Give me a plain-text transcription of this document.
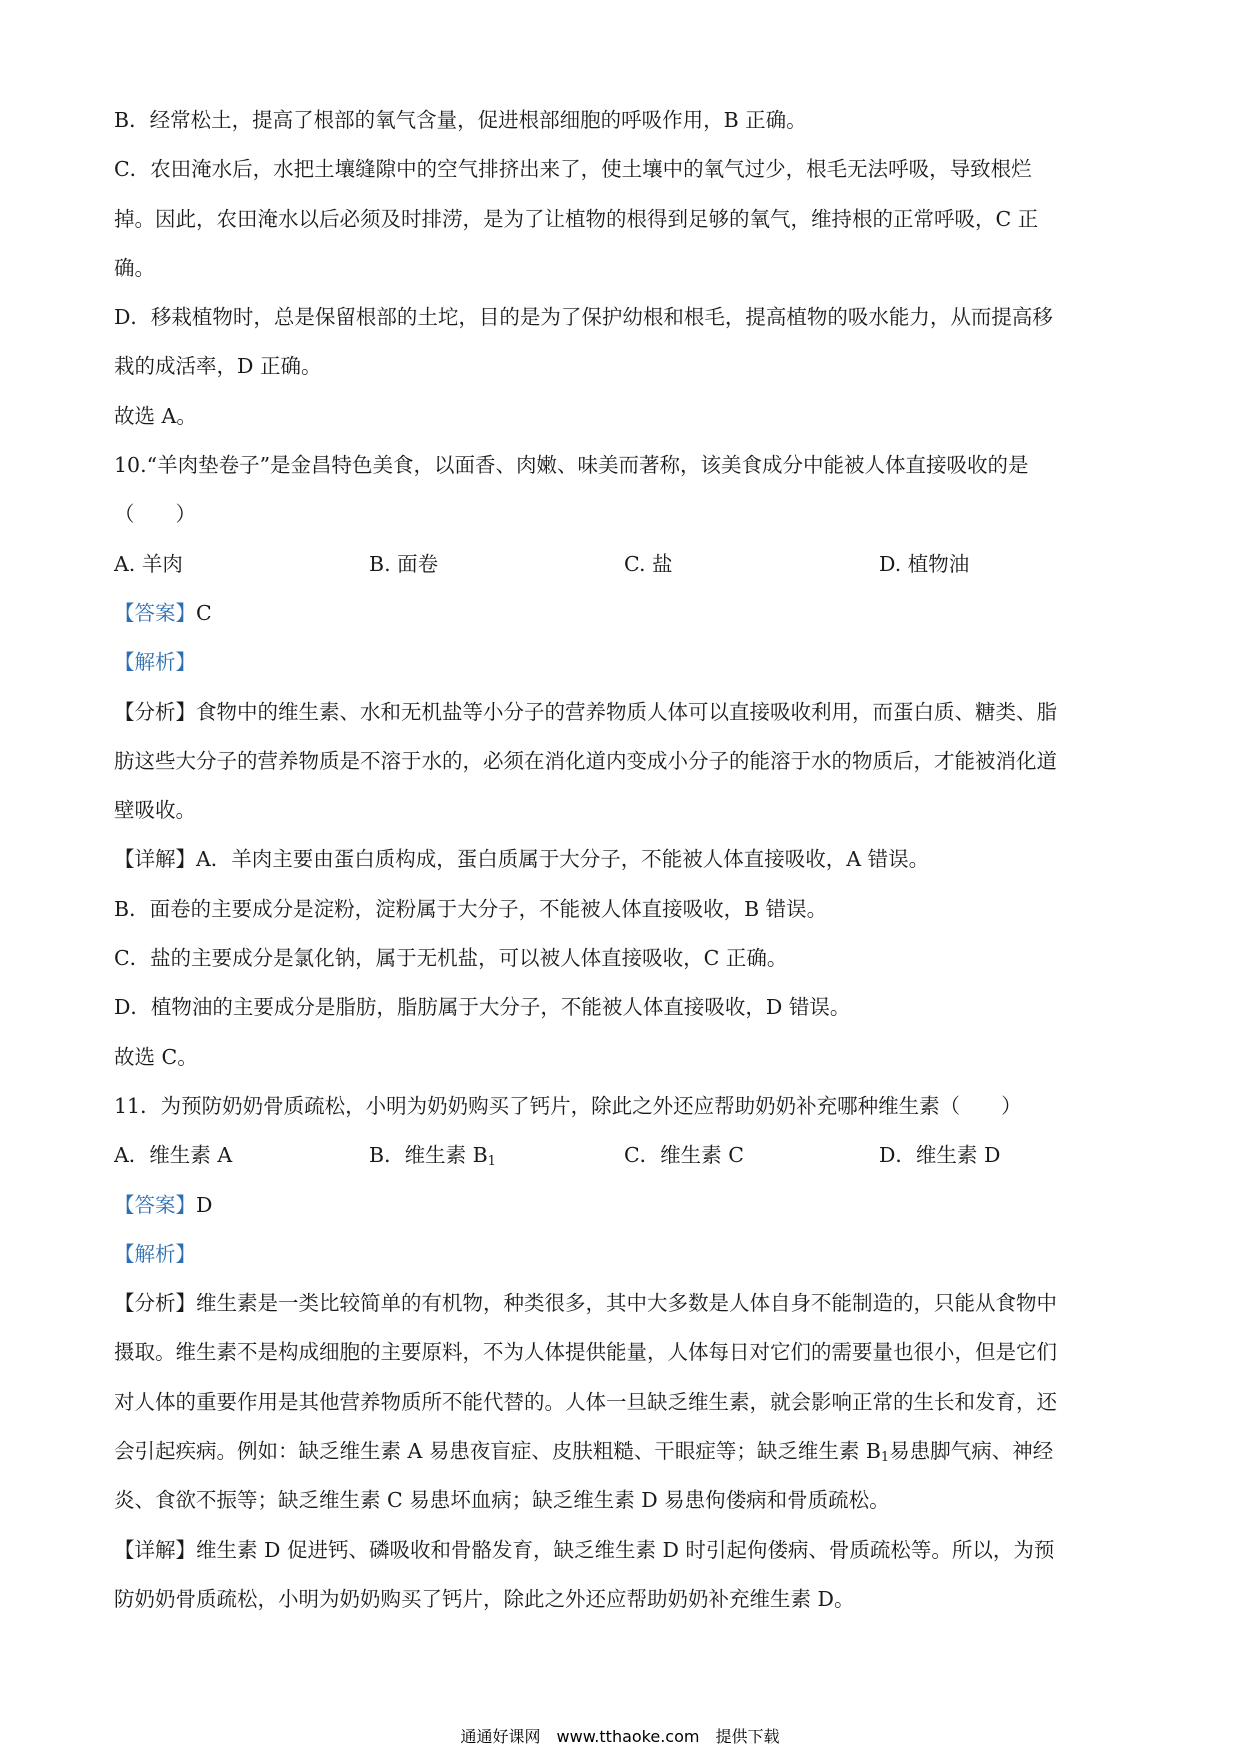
B．经常松土，提高了根部的氧气含量，促进根部细胞的呼吸作用，B 正确。
C．农田淹水后，水把土壤缝隙中的空气排挤出来了，使土壤中的氧气过少，根毛无法呼吸，导致根烂
掉。因此，农田淹水以后必须及时排涝，是为了让植物的根得到足够的氧气，维持根的正常呼吸，C 正
确。
D．移栽植物时，总是保留根部的土坨，目的是为了保护幼根和根毛，提高植物的吸水能力，从而提高移
栽的成活率，D 正确。
故选 A。
10.“羊肉垫卷子”是金昌特色美食，以面香、肉嫩、味美而著称，该美食成分中能被人体直接吸收的是
（　　）
A. 羊肉	B. 面卷	C. 盐	D. 植物油
【答案】C
【解析】
【分析】食物中的维生素、水和无机盐等小分子的营养物质人体可以直接吸收利用，而蛋白质、糖类、脂
肪这些大分子的营养物质是不溶于水的，必须在消化道内变成小分子的能溶于水的物质后，才能被消化道
壁吸收。
【详解】A．羊肉主要由蛋白质构成，蛋白质属于大分子，不能被人体直接吸收，A 错误。
B．面卷的主要成分是淀粉，淀粉属于大分子，不能被人体直接吸收，B 错误。
C．盐的主要成分是氯化钠，属于无机盐，可以被人体直接吸收，C 正确。
D．植物油的主要成分是脂肪，脂肪属于大分子，不能被人体直接吸收，D 错误。
故选 C。
11．为预防奶奶骨质疏松，小明为奶奶购买了钙片，除此之外还应帮助奶奶补充哪种维生素（　　）
A．维生素 A	B．维生素 $B_1$	C．维生素 C	D．维生素 D
【答案】D
【解析】
【分析】维生素是一类比较简单的有机物，种类很多，其中大多数是人体自身不能制造的，只能从食物中
摄取。维生素不是构成细胞的主要原料，不为人体提供能量，人体每日对它们的需要量也很小，但是它们
对人体的重要作用是其他营养物质所不能代替的。人体一旦缺乏维生素，就会影响正常的生长和发育，还
会引起疾病。例如：缺乏维生素 A 易患夜盲症、皮肤粗糙、干眼症等；缺乏维生素 $B_1$易患脚气病、神经
炎、食欲不振等；缺乏维生素 C 易患坏血病；缺乏维生素 D 易患佝偻病和骨质疏松。
【详解】维生素 D 促进钙、磷吸收和骨骼发育，缺乏维生素 D 时引起佝偻病、骨质疏松等。所以，为预
防奶奶骨质疏松，小明为奶奶购买了钙片，除此之外还应帮助奶奶补充维生素 D。
通通好课网　www.tthaoke.com　提供下载
